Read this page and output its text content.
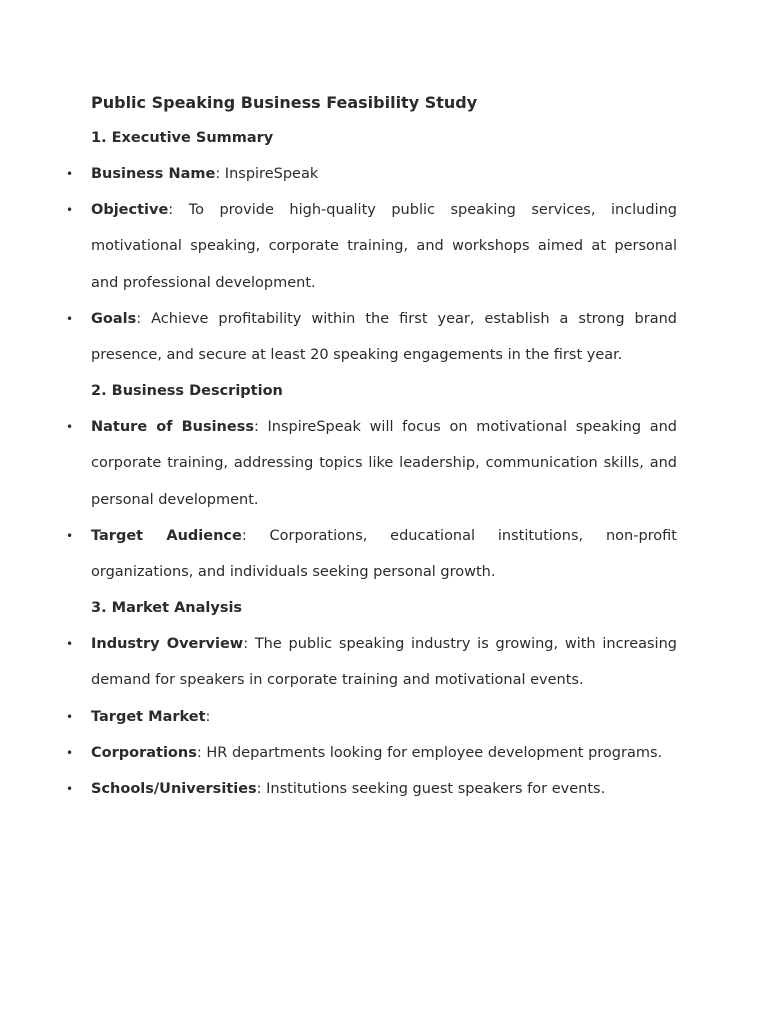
Public Speaking Business Feasibility Study
1. Executive Summary
• Business Name: InspireSpeak
• Objective: To provide high-quality public speaking services, including motivational speaking, corporate training, and workshops aimed at personal and professional development.
• Goals: Achieve profitability within the first year, establish a strong brand presence, and secure at least 20 speaking engagements in the first year.
2. Business Description
• Nature of Business: InspireSpeak will focus on motivational speaking and corporate training, addressing topics like leadership, communication skills, and personal development.
• Target Audience: Corporations, educational institutions, non-profit organizations, and individuals seeking personal growth.
3. Market Analysis
• Industry Overview: The public speaking industry is growing, with increasing demand for speakers in corporate training and motivational events.
• Target Market:
• Corporations: HR departments looking for employee development programs.
• Schools/Universities: Institutions seeking guest speakers for events.
